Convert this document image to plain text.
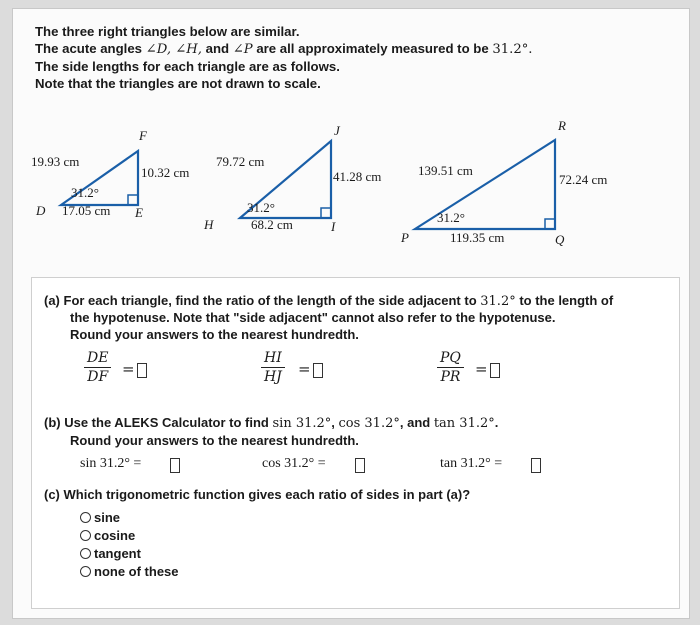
The three right triangles below are similar.
The acute angles ∠D, ∠H, and ∠P are all approximately measured to be 31.2°.
The side lengths for each triangle are as follows.
Note that the triangles are not drawn to scale.
19.93 cm
10.32 cm
31.2°
17.05 cm
D
F
E
79.72 cm
41.28 cm
31.2°
68.2 cm
H
J
I
139.51 cm
72.24 cm
31.2°
119.35 cm
P
R
Q
(a) For each triangle, find the ratio of the length of the side adjacent to 31.2° to the length of
the hypotenuse. Note that "side adjacent" cannot also refer to the hypotenuse.
Round your answers to the nearest hundredth.
$\frac{DE}{DF}$ =	$\frac{HI}{HJ}$ =	$\frac{PQ}{PR}$ =
(b) Use the ALEKS Calculator to find sin 31.2°, cos 31.2°, and tan 31.2°.
Round your answers to the nearest hundredth.
sin 31.2° =	cos 31.2° =	tan 31.2° =
(c) Which trigonometric function gives each ratio of sides in part (a)?
sine
cosine
tangent
none of these
